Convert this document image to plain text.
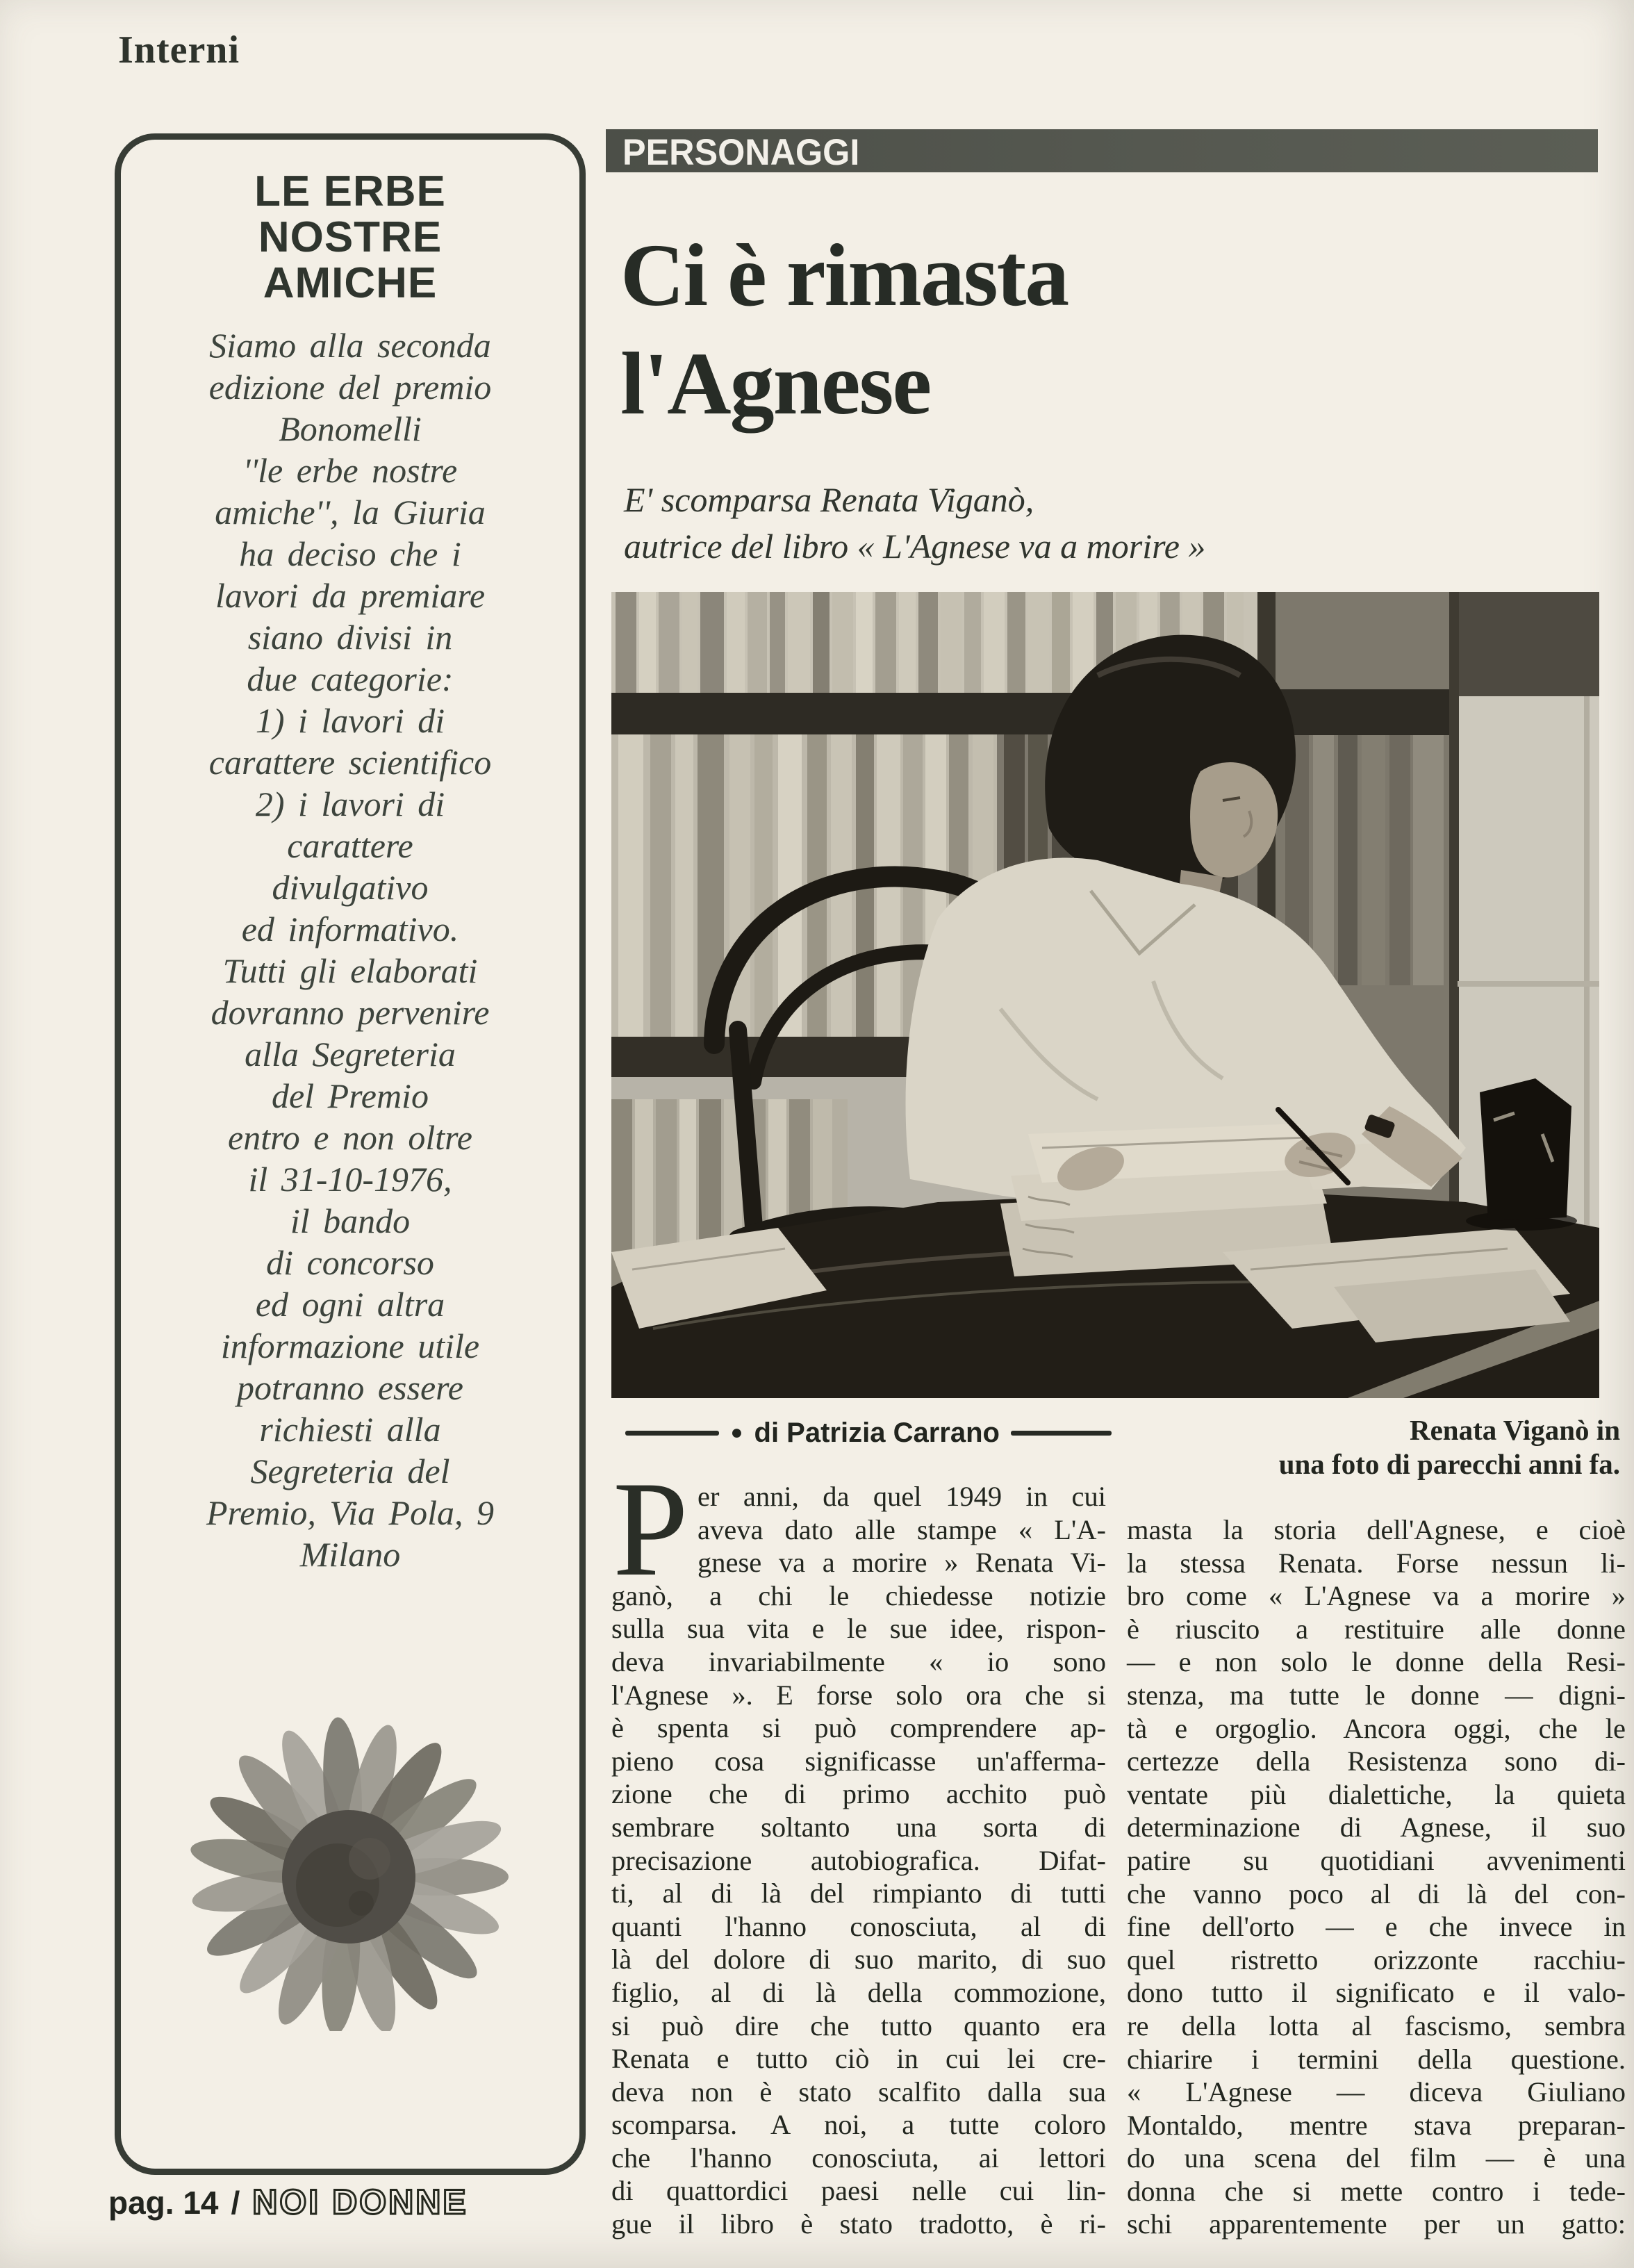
Interni
LE ERBE
NOSTRE
AMICHE
Siamo alla seconda
edizione del premio
Bonomelli
''le erbe nostre
amiche'', la Giuria
ha deciso che i
lavori da premiare
siano divisi in
due categorie:
1) i lavori di
carattere scientifico
2) i lavori di
carattere
divulgativo
ed informativo.
Tutti gli elaborati
dovranno pervenire
alla Segreteria
del Premio
entro e non oltre
il 31-10-1976,
il bando
di concorso
ed ogni altra
informazione utile
potranno essere
richiesti alla
Segreteria del
Premio, Via Pola, 9
Milano
PERSONAGGI
Ci è rimasta
l'Agnese
E' scomparsa Renata Viganò,
autrice del libro « L'Agnese va a morire »
● di Patrizia Carrano	Renata Viganò in
una foto di parecchi anni fa.
P er anni, da quel 1949 in cui
aveva dato alle stampe « L'A-
gnese va a morire » Renata Vi-
ganò, a chi le chiedesse notizie
sulla sua vita e le sue idee, rispon-
deva invariabilmente « io sono
l'Agnese ». E forse solo ora che si
è spenta si può comprendere ap-
pieno cosa significasse un'afferma-
zione che di primo acchito può
sembrare soltanto una sorta di
precisazione autobiografica. Difat-
ti, al di là del rimpianto di tutti
quanti l'hanno conosciuta, al di
là del dolore di suo marito, di suo
figlio, al di là della commozione,
si può dire che tutto quanto era
Renata e tutto ciò in cui lei cre-
deva non è stato scalfito dalla sua
scomparsa. A noi, a tutte coloro
che l'hanno conosciuta, ai lettori
di quattordici paesi nelle cui lin-
gue il libro è stato tradotto, è ri-
masta la storia dell'Agnese, e cioè
la stessa Renata. Forse nessun li-
bro come « L'Agnese va a morire »
è riuscito a restituire alle donne
— e non solo le donne della Resi-
stenza, ma tutte le donne — digni-
tà e orgoglio. Ancora oggi, che le
certezze della Resistenza sono di-
ventate più dialettiche, la quieta
determinazione di Agnese, il suo
patire su quotidiani avvenimenti
che vanno poco al di là del con-
fine dell'orto — e che invece in
quel ristretto orizzonte racchiu-
dono tutto il significato e il valo-
re della lotta al fascismo, sembra
chiarire i termini della questione.
« L'Agnese — diceva Giuliano
Montaldo, mentre stava preparan-
do una scena del film — è una
donna che si mette contro i tede-
schi apparentemente per un gatto:
pag. 14 / NOI DONNE
